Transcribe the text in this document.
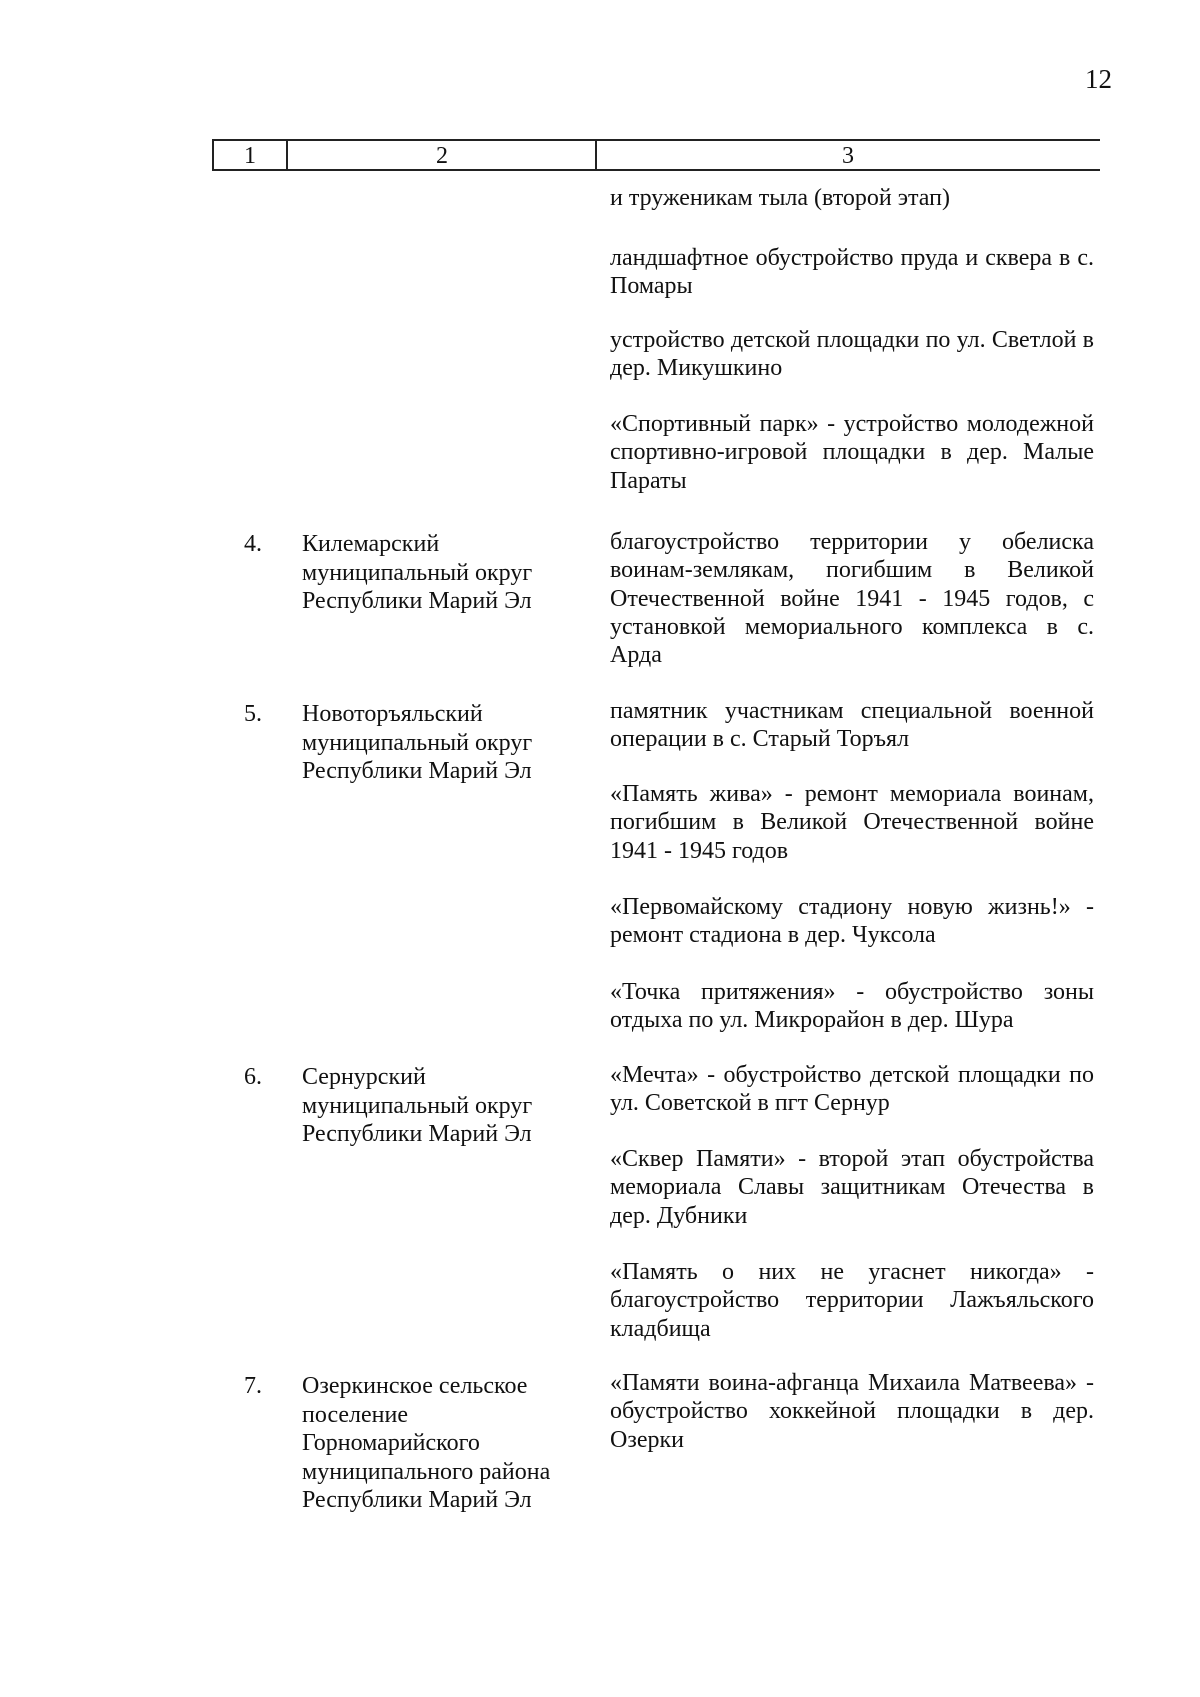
12
1	2	3
и труженикам тыла (второй этап)
ландшафтное обустройство пруда и сквера в с. Помары
устройство детской площадки по ул. Светлой в дер. Микушкино
«Спортивный парк» - устройство молодежной спортивно-игровой площадки в дер. Малые Параты
4. Килемарский муниципальный округ Республики Марий Эл
благоустройство территории у обелиска воинам-землякам, погибшим в Великой Отечественной войне 1941 - 1945 годов, с установкой мемориального комплекса в с. Арда
5. Новоторъяльский муниципальный округ Республики Марий Эл
памятник участникам специальной военной операции в с. Старый Торъял
«Память жива» - ремонт мемориала воинам, погибшим в Великой Отечественной войне 1941 - 1945 годов
«Первомайскому стадиону новую жизнь!» - ремонт стадиона в дер. Чуксола
«Точка притяжения» - обустройство зоны отдыха по ул. Микрорайон в дер. Шура
6. Сернурский муниципальный округ Республики Марий Эл
«Мечта» - обустройство детской площадки по ул. Советской в пгт Сернур
«Сквер Памяти» - второй этап обустройства мемориала Славы защитникам Отечества в дер. Дубники
«Память о них не угаснет никогда» - благоустройство территории Лажъяльского кладбища
7. Озеркинское сельское поселение Горномарийского муниципального района Республики Марий Эл
«Памяти воина-афганца Михаила Матвеева» - обустройство хоккейной площадки в дер. Озерки
